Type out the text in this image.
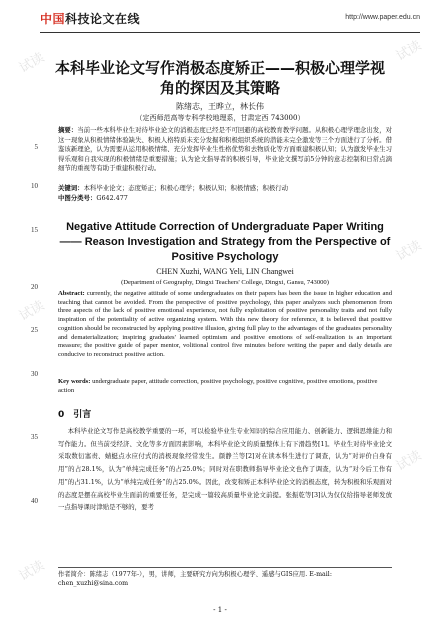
中国科技论文在线	http://www.paper.edu.cn
试读	试读
试读
试读
试读
试读
5
10
15
20
25
30
35
40
本科毕业论文写作消极态度矫正——积极心理学视角的探因及其策略
陈绪志，王晔立，林长伟
（定西师范高等专科学校地理系，甘肃定西 743000）
摘要：当前一些本科毕业生对待毕业论文的消极态度已经是不可回避的高校教育教学问题。从积极心理学理念出发，对这一现象从积极情绪体验缺失、积极人格特质未充分发掘和积极组织系统的潜能未完全激发等三个方面进行了分析。借鉴该新理论，认为需要从运用积极情绪、充分发挥毕业生性格优势和去物质化等方面重建积极认知；认为激发毕业生习得乐观和自我实现的积极情绪是重要措施；认为论文指导者的积极引导，毕业论文撰写前5分钟的意志控制和日常点滴细节的重视等有助于重建积极行动。
关键词：本科毕业论文；态度矫正；积极心理学；积极认知；积极情感；积极行动
中图分类号：G642.477
Negative Attitude Correction of Undergraduate Paper Writing—— Reason Investigation and Strategy from the Perspective of Positive Psychology
CHEN Xuzhi, WANG Yeli, LIN Changwei
(Department of Geography, Dingxi Teachers' College, Dingxi, Gansu, 743000)
Abstract: currently, the negative attitude of some undergraduates on their papers has been the issue in higher education and teaching that cannot be avoided. From the perspective of positive psychology, this paper analyzes such phenomenon from three aspects of the lack of positive emotional experience, not fully exploitation of positive personality traits and not fully inspiration of the potentiality of active organizing system. With this new theory for reference, it is believed that positive cognition should be reconstructed by applying positive illusion, giving full play to the advantages of the graduates personality and dematerialization; inspiring graduates' learned optimism and positive emotions of self-realization is an important measure; the positive guide of paper mentor, volitional control five minutes before writing the paper and daily details are conducive to reconstruct positive action.
Key words: undergraduate paper, attitude correction, positive psychology, positive cognitive, positive emotions, positive action
0　引言
本科毕业论文写作是高校教学重要的一环，可以检验毕业生专业知识的综合应用能力、创新能力、逻辑思维能力和写作能力。但当前受经济、文化等多方面因素影响，本科毕业论文的质量整体上有下滑趋势[1]。毕业生对待毕业论文采取数衍塞责、蜻蜓点水应付式的消极现象经常发生。颜静兰等[2]对在读本科生进行了调查，认为“对评价自身有用”的占28.1%，认为“单纯完成任务”的占25.0%；同时对在职教师指导毕业论文也作了调查，认为“对今后工作有用”的占31.1%，认为“单纯完成任务”的占25.0%。因此，改变和矫正本科毕业论文的消极态度，转为积极和乐观面对的态度是摆在高校毕业生面前的重要任务，是完成一篇较高质量毕业论文前提。张振乾等[3]认为仅仅给指导老师发放一点指导课时津贴是不够的，要考
作者简介：陈绪志（1977年-），男，讲师，主要研究方向为积极心理学、遥感与GIS应用. E-mail: chen_xuzhi@sina.com
- 1 -
